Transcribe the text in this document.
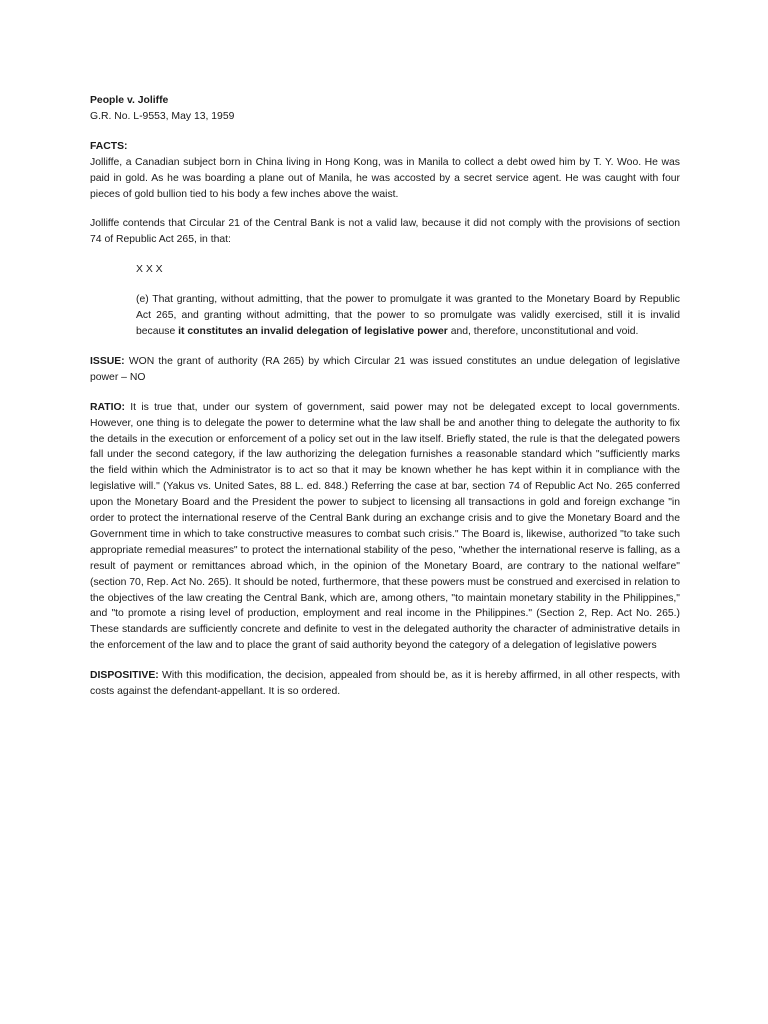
People v. Joliffe

G.R. No. L-9553, May 13, 1959

FACTS:

Jolliffe, a Canadian subject born in China living in Hong Kong, was in Manila to collect a debt owed him by T. Y. Woo. He was paid in gold. As he was boarding a plane out of Manila, he was accosted by a secret service agent. He was caught with four pieces of gold bullion tied to his body a few inches above the waist.

Jolliffe contends that Circular 21 of the Central Bank is not a valid law, because it did not comply with the provisions of section 74 of Republic Act 265, in that:

X X X

(e) That granting, without admitting, that the power to promulgate it was granted to the Monetary Board by Republic Act 265, and granting without admitting, that the power to so promulgate was validly exercised, still it is invalid because it constitutes an invalid delegation of legislative power and, therefore, unconstitutional and void.

ISSUE: WON the grant of authority (RA 265) by which Circular 21 was issued constitutes an undue delegation of legislative power – NO

RATIO: It is true that, under our system of government, said power may not be delegated except to local governments. However, one thing is to delegate the power to determine what the law shall be and another thing to delegate the authority to fix the details in the execution or enforcement of a policy set out in the law itself. Briefly stated, the rule is that the delegated powers fall under the second category, if the law authorizing the delegation furnishes a reasonable standard which "sufficiently marks the field within which the Administrator is to act so that it may be known whether he has kept within it in compliance with the legislative will." (Yakus vs. United Sates, 88 L. ed. 848.) Referring the case at bar, section 74 of Republic Act No. 265 conferred upon the Monetary Board and the President the power to subject to licensing all transactions in gold and foreign exchange "in order to protect the international reserve of the Central Bank during an exchange crisis and to give the Monetary Board and the Government time in which to take constructive measures to combat such crisis." The Board is, likewise, authorized "to take such appropriate remedial measures" to protect the international stability of the peso, "whether the international reserve is falling, as a result of payment or remittances abroad which, in the opinion of the Monetary Board, are contrary to the national welfare" (section 70, Rep. Act No. 265). It should be noted, furthermore, that these powers must be construed and exercised in relation to the objectives of the law creating the Central Bank, which are, among others, "to maintain monetary stability in the Philippines," and "to promote a rising level of production, employment and real income in the Philippines." (Section 2, Rep. Act No. 265.) These standards are sufficiently concrete and definite to vest in the delegated authority the character of administrative details in the enforcement of the law and to place the grant of said authority beyond the category of a delegation of legislative powers

DISPOSITIVE: With this modification, the decision, appealed from should be, as it is hereby affirmed, in all other respects, with costs against the defendant-appellant. It is so ordered.
